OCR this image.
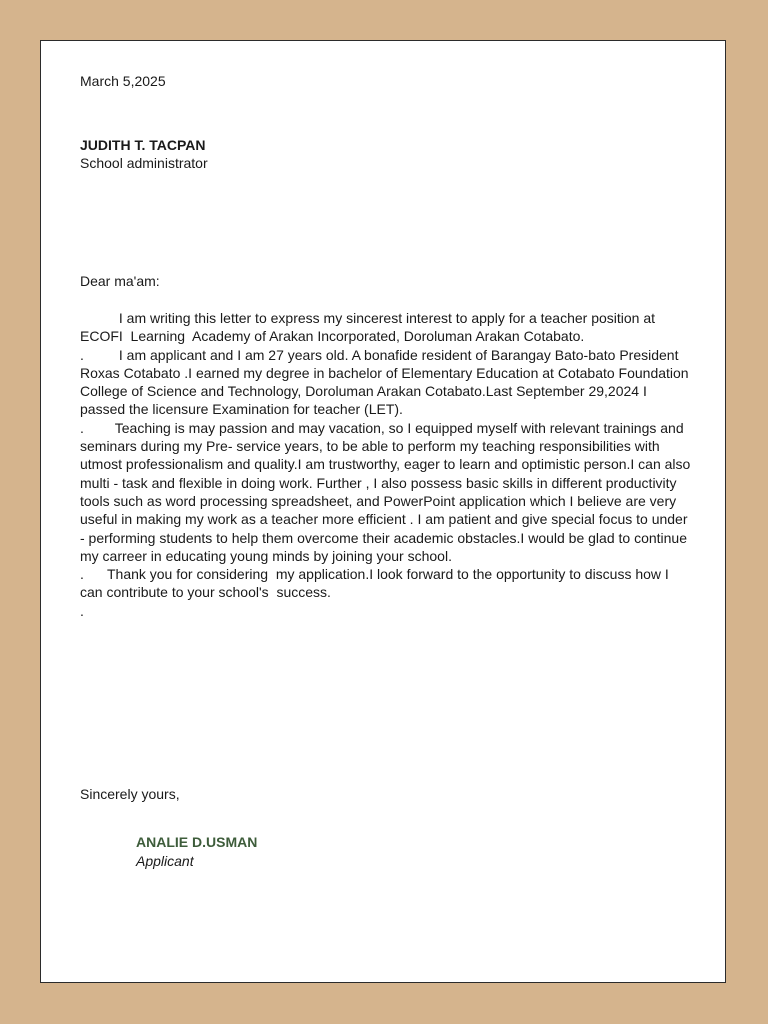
March 5,2025

JUDITH T. TACPAN
School administrator

Dear ma'am:

I am writing this letter to express my sincerest interest to apply for a teacher position at ECOFI  Learning  Academy of Arakan Incorporated, Doroluman Arakan Cotabato.

.         I am applicant and I am 27 years old. A bonafide resident of Barangay Bato-bato President Roxas Cotabato .I earned my degree in bachelor of Elementary Education at Cotabato Foundation College of Science and Technology, Doroluman Arakan Cotabato.Last September 29,2024 I passed the licensure Examination for teacher (LET).

.        Teaching is may passion and may vacation, so I equipped myself with relevant trainings and seminars during my Pre- service years, to be able to perform my teaching responsibilities with utmost professionalism and quality.I am trustworthy, eager to learn and optimistic person.I can also multi - task and flexible in doing work. Further , I also possess basic skills in different productivity tools such as word processing spreadsheet, and PowerPoint application which I believe are very useful in making my work as a teacher more efficient . I am patient and give special focus to under - performing students to help them overcome their academic obstacles.I would be glad to continue my carreer in educating young minds by joining your school.

.      Thank you for considering  my application.I look forward to the opportunity to discuss how I can contribute to your school's  success.

.

Sincerely yours,

ANALIE D.USMAN
Applicant
